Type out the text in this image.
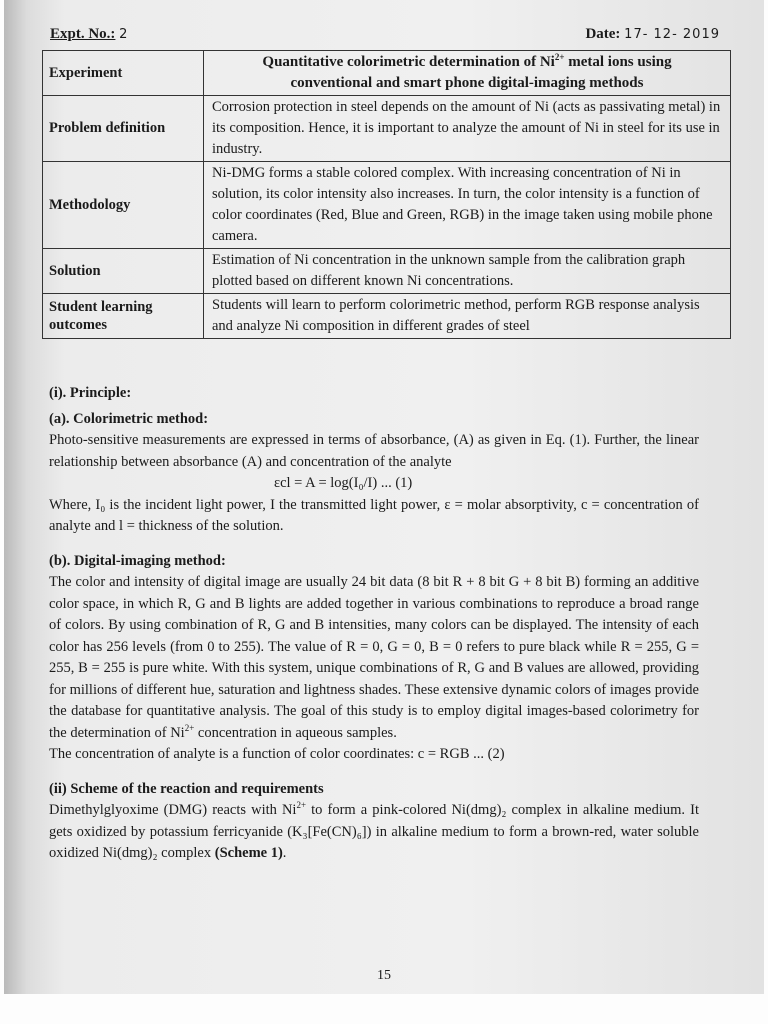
Expt. No.: 2	Date: 17- 12- 2019
Experiment	Quantitative colorimetric determination of $Ni^{2+}$ metal ions using
conventional and smart phone digital-imaging methods
Problem definition	Corrosion protection in steel depends on the amount of Ni (acts as passivating metal) in its composition. Hence, it is important to analyze the amount of Ni in steel for its use in industry.
Methodology	Ni-DMG forms a stable colored complex. With increasing concentration of Ni in solution, its color intensity also increases. In turn, the color intensity is a function of color coordinates (Red, Blue and Green, RGB) in the image taken using mobile phone camera.
Solution	Estimation of Ni concentration in the unknown sample from the calibration graph plotted based on different known Ni concentrations.
Student learning outcomes	Students will learn to perform colorimetric method, perform RGB response analysis and analyze Ni composition in different grades of steel

(i). Principle:

(a). Colorimetric method:

Photo-sensitive measurements are expressed in terms of absorbance, (A) as given in Eq. (1). Further, the linear relationship between absorbance (A) and concentration of the analyte

εcl = A = log(I₀/I) ... (1)

Where, I₀ is the incident light power, I the transmitted light power, ε = molar absorptivity, c = concentration of analyte and l = thickness of the solution.

(b). Digital-imaging method:

The color and intensity of digital image are usually 24 bit data (8 bit R + 8 bit G + 8 bit B) forming an additive color space, in which R, G and B lights are added together in various combinations to reproduce a broad range of colors. By using combination of R, G and B intensities, many colors can be displayed. The intensity of each color has 256 levels (from 0 to 255). The value of R = 0, G = 0, B = 0 refers to pure black while R = 255, G = 255, B = 255 is pure white. With this system, unique combinations of R, G and B values are allowed, providing for millions of different hue, saturation and lightness shades. These extensive dynamic colors of images provide the database for quantitative analysis. The goal of this study is to employ digital images-based colorimetry for the determination of $Ni^{2+}$ concentration in aqueous samples.

The concentration of analyte is a function of color coordinates: c = RGB ... (2)

(ii) Scheme of the reaction and requirements

Dimethylglyoxime (DMG) reacts with $Ni^{2+}$ to form a pink-colored Ni(dmg)₂ complex in alkaline medium. It gets oxidized by potassium ferricyanide (K₃[Fe(CN)₆]) in alkaline medium to form a brown-red, water soluble oxidized Ni(dmg)₂ complex (Scheme 1).

15
